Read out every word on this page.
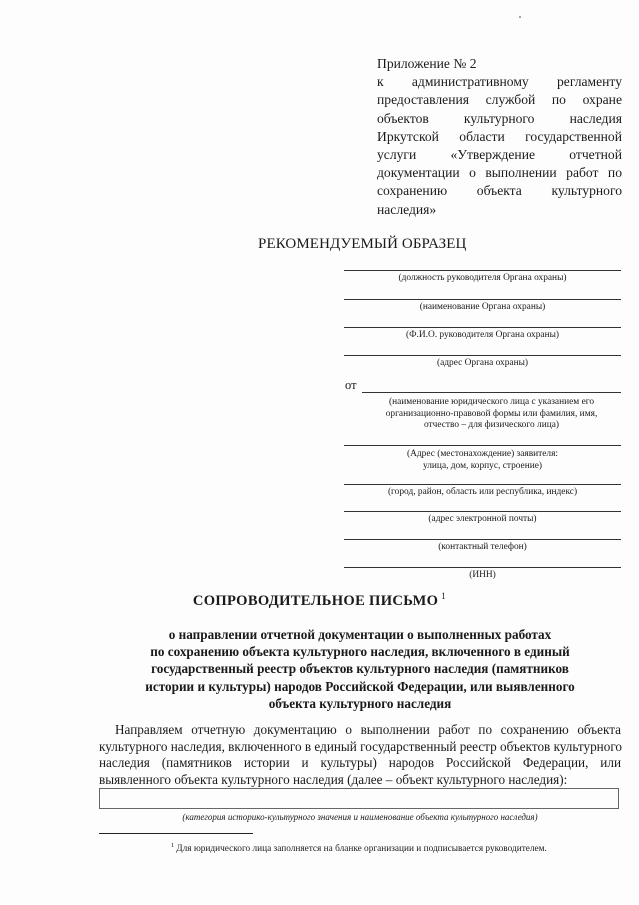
Приложение № 2
к административному регламенту предоставления службой по охране объектов культурного наследия Иркутской области государственной услуги «Утверждение отчетной документации о выполнении работ по сохранению объекта культурного наследия»
РЕКОМЕНДУЕМЫЙ ОБРАЗЕЦ
(должность руководителя Органа охраны)
(наименование Органа охраны)
(Ф.И.О. руководителя Органа охраны)
(адрес Органа охраны)
от
(наименование юридического лица с указанием его
организационно-правовой формы или фамилия, имя,
отчество – для физического лица)
(Адрес (местонахождение) заявителя:
улица, дом, корпус, строение)
(город, район, область или республика, индекс)
(адрес электронной почты)
(контактный телефон)
(ИНН)
СОПРОВОДИТЕЛЬНОЕ ПИСЬМО $^1$
о направлении отчетной документации о выполненных работах
по сохранению объекта культурного наследия, включенного в единый
государственный реестр объектов культурного наследия (памятников
истории и культуры) народов Российской Федерации, или выявленного
объекта культурного наследия
Направляем отчетную документацию о выполнении работ по сохранению объекта
культурного наследия, включенного в единый государственный реестр объектов культурного
наследия (памятников истории и культуры) народов Российской Федерации, или
выявленного объекта культурного наследия (далее – объект культурного наследия):
(категория историко-культурного значения и наименование объекта культурного наследия)
$^1$ Для юридического лица заполняется на бланке организации и подписывается руководителем.
